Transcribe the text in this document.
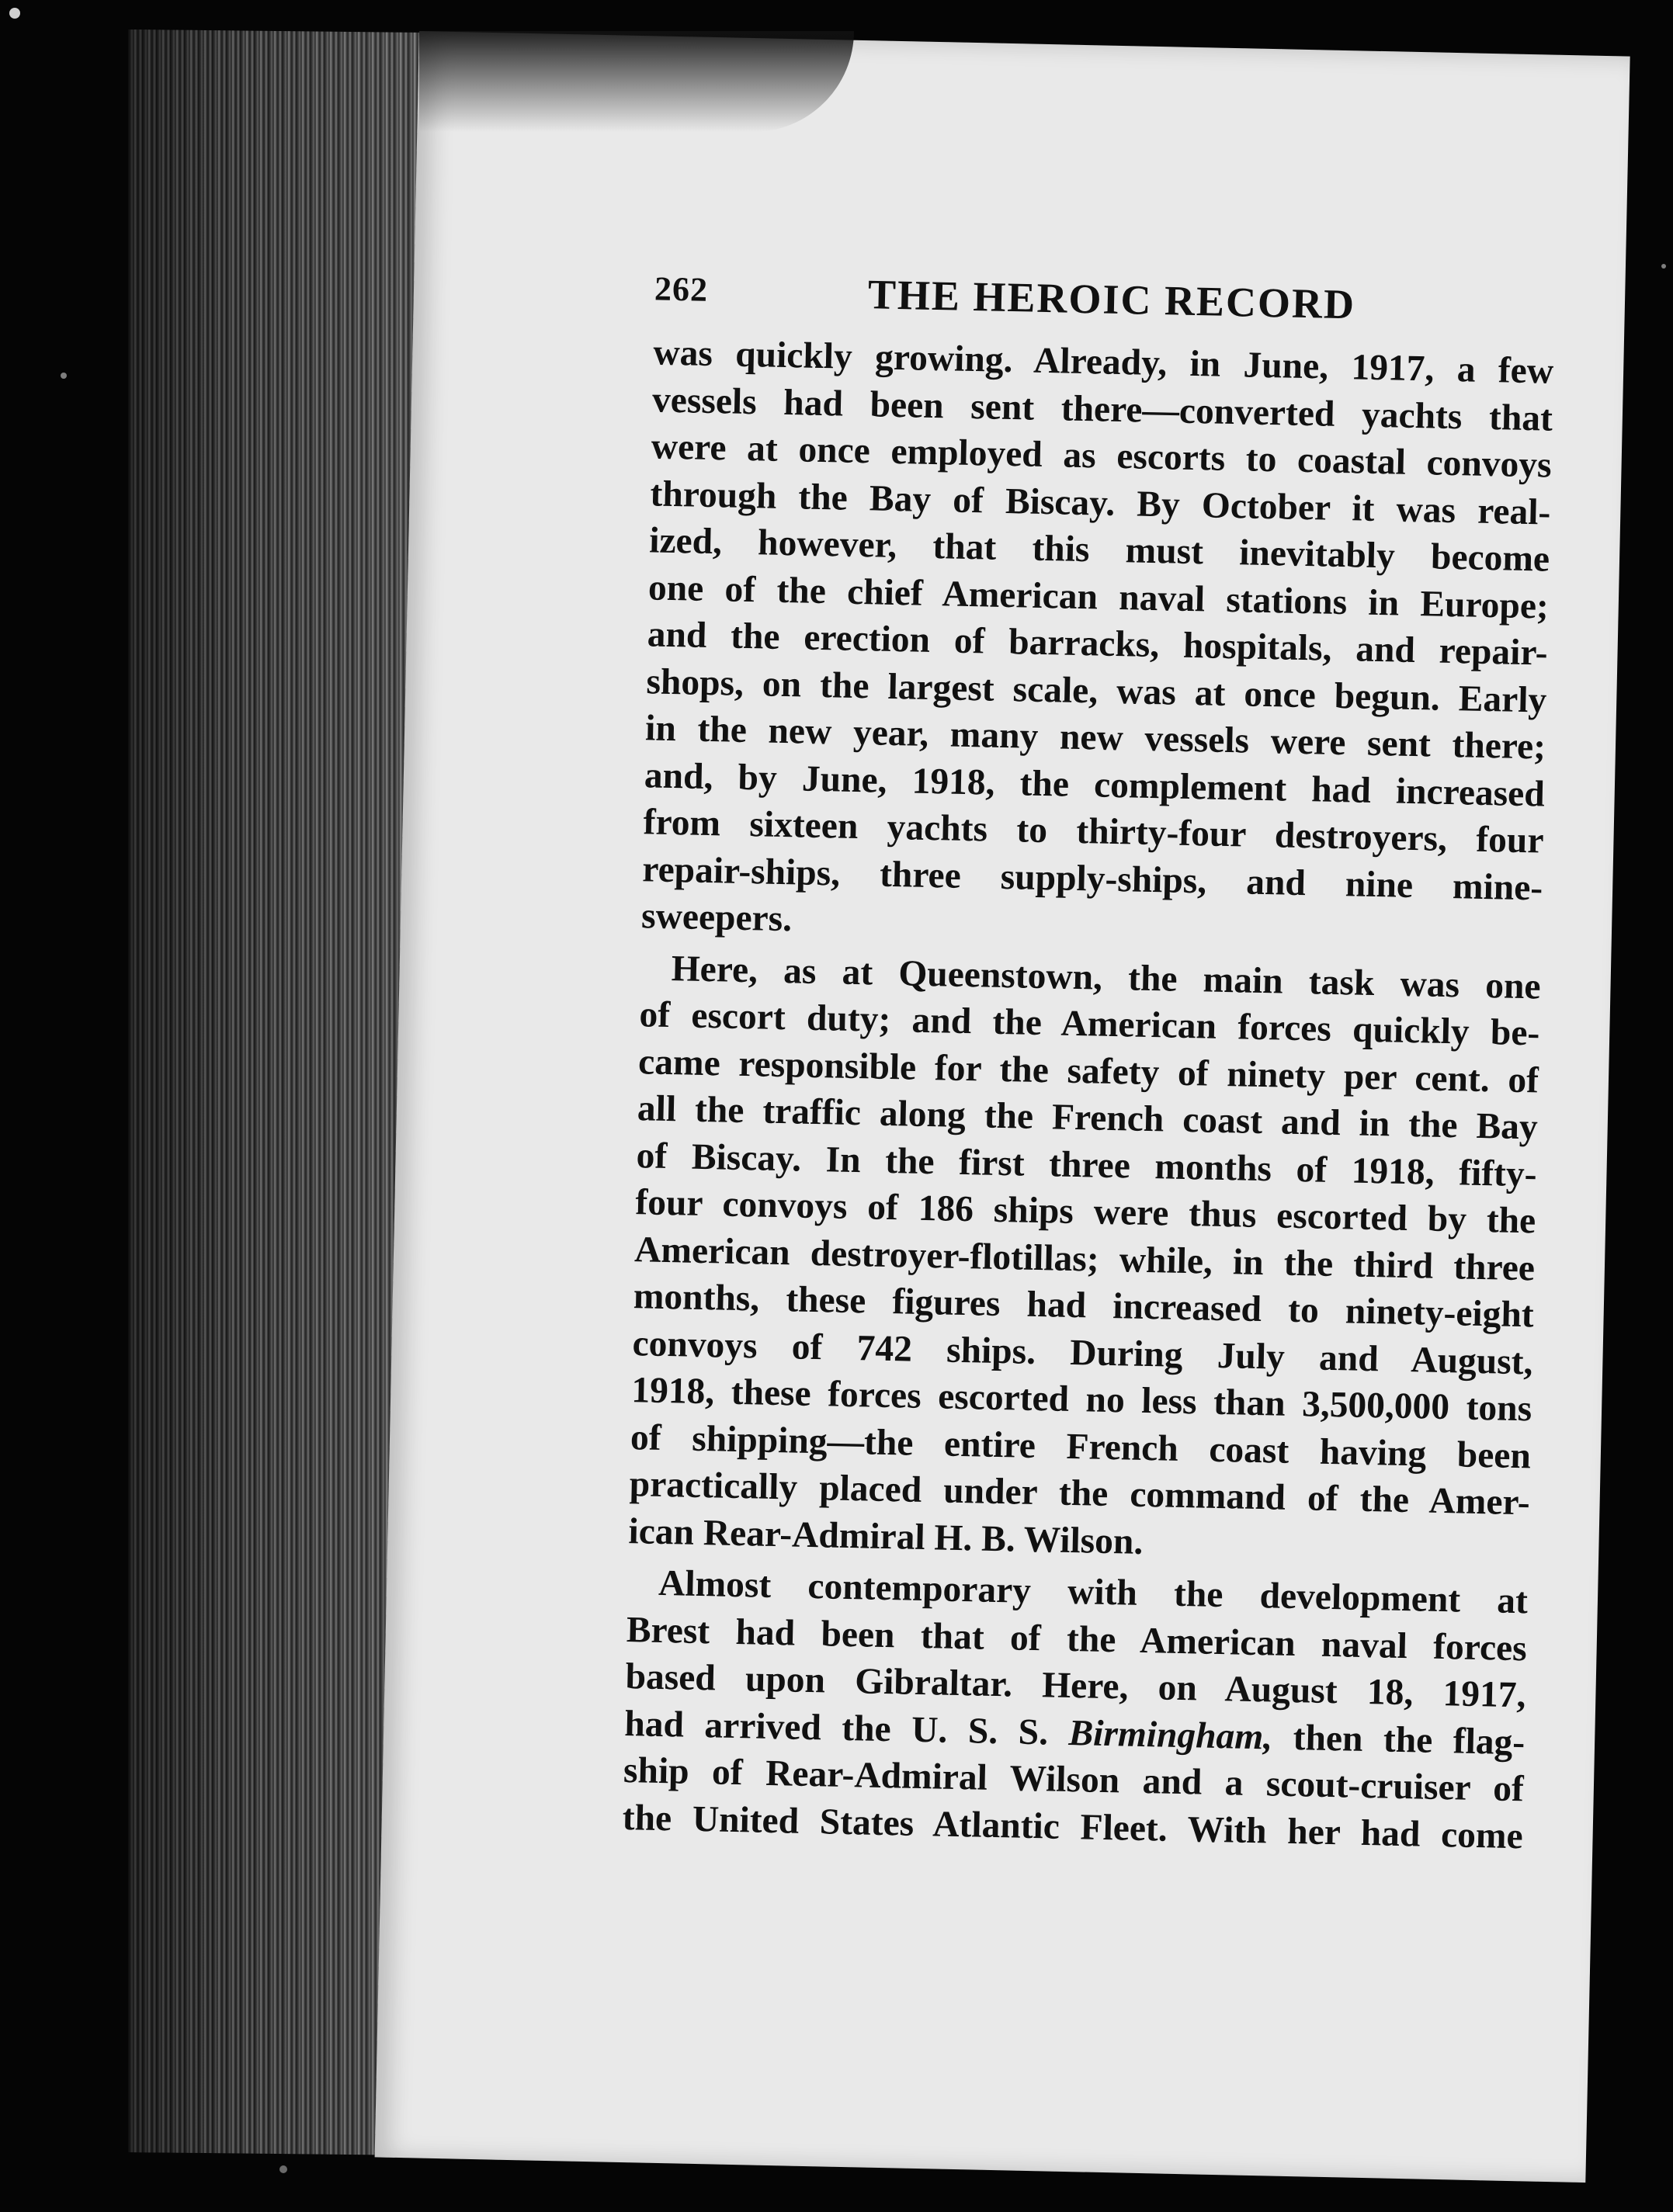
262	THE HEROIC RECORD

was quickly growing. Already, in June, 1917, a few
vessels had been sent there—converted yachts that
were at once employed as escorts to coastal convoys
through the Bay of Biscay. By October it was real-
ized, however, that this must inevitably become
one of the chief American naval stations in Europe;
and the erection of barracks, hospitals, and repair-
shops, on the largest scale, was at once begun. Early
in the new year, many new vessels were sent there;
and, by June, 1918, the complement had increased
from sixteen yachts to thirty-four destroyers, four
repair-ships, three supply-ships, and nine mine-
sweepers.

Here, as at Queenstown, the main task was one
of escort duty; and the American forces quickly be-
came responsible for the safety of ninety per cent. of
all the traffic along the French coast and in the Bay
of Biscay. In the first three months of 1918, fifty-
four convoys of 186 ships were thus escorted by the
American destroyer-flotillas; while, in the third three
months, these figures had increased to ninety-eight
convoys of 742 ships. During July and August,
1918, these forces escorted no less than 3,500,000 tons
of shipping—the entire French coast having been
practically placed under the command of the Amer-
ican Rear-Admiral H. B. Wilson.

Almost contemporary with the development at
Brest had been that of the American naval forces
based upon Gibraltar. Here, on August 18, 1917,
had arrived the U. S. S. Birmingham, then the flag-
ship of Rear-Admiral Wilson and a scout-cruiser of
the United States Atlantic Fleet. With her had come
